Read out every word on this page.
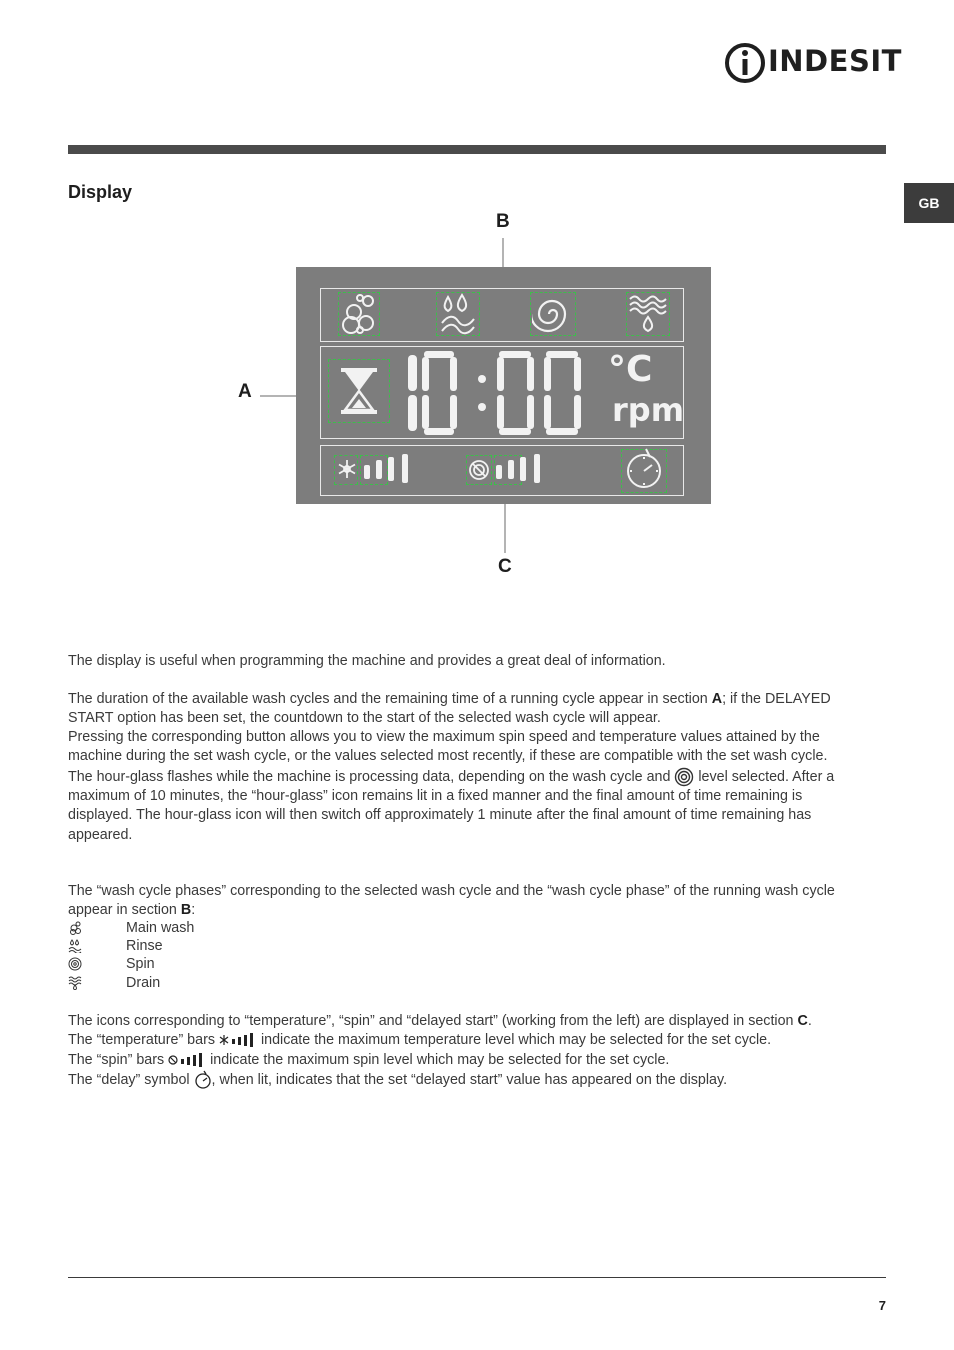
INDESIT
GB
Display
B
A
C
°C
rpm

The display is useful when programming the machine and provides a great deal of information.

The duration of the available wash cycles and the remaining time of a running cycle appear in section A; if the DELAYED START option has been set, the countdown to the start of the selected wash cycle will appear.

Pressing the corresponding button allows you to view the maximum spin speed and temperature values attained by the machine during the set wash cycle, or the values selected most recently, if these are compatible with the set wash cycle.

The hour-glass flashes while the machine is processing data, depending on the wash cycle and  level selected. After a maximum of 10 minutes, the “hour-glass” icon remains lit in a fixed manner and the final amount of time remaining is displayed. The hour-glass icon will then switch off approximately 1 minute after the final amount of time remaining has appeared.

The “wash cycle phases” corresponding to the selected wash cycle and the “wash cycle phase” of the running wash cycle appear in section B:

Main wash
Rinse
Spin
Drain

The icons corresponding to “temperature”, “spin” and “delayed start” (working from the left) are displayed in section C.

The “temperature” bars	indicate the maximum temperature level which may be selected for the set cycle.

The “spin” bars	indicate the maximum spin level which may be selected for the set cycle.

The “delay” symbol , when lit, indicates that the set “delayed start” value has appeared on the display.

7
